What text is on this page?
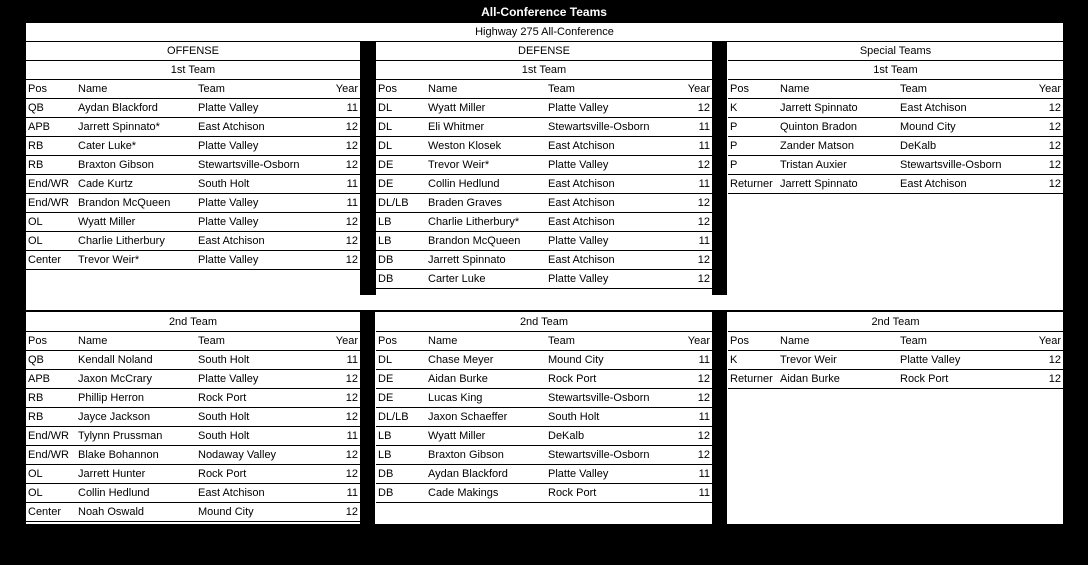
All-Conference Teams
Highway 275 All-Conference
OFFENSE			
1st Team			
Pos	Name	Team	Year
QB	Aydan Blackford	Platte Valley	11
APB	Jarrett Spinnato*	East Atchison	12
RB	Cater Luke*	Platte Valley	12
RB	Braxton Gibson	Stewartsville-Osborn	12
End/WR	Cade Kurtz	South Holt	11
End/WR	Brandon McQueen	Platte Valley	11
OL	Wyatt Miller	Platte Valley	12
OL	Charlie Litherbury	East Atchison	12
Center	Trevor Weir*	Platte Valley	12
DEFENSE			
1st Team			
Pos	Name	Team	Year
DL	Wyatt Miller	Platte Valley	12
DL	Eli Whitmer	Stewartsville-Osborn	11
DL	Weston Klosek	East Atchison	11
DE	Trevor Weir*	Platte Valley	12
DE	Collin Hedlund	East Atchison	11
DL/LB	Braden Graves	East Atchison	12
LB	Charlie Litherbury*	East Atchison	12
LB	Brandon McQueen	Platte Valley	11
DB	Jarrett Spinnato	East Atchison	12
DB	Carter Luke	Platte Valley	12
Special Teams			
1st Team			
Pos	Name	Team	Year
K	Jarrett Spinnato	East Atchison	12
P	Quinton Bradon	Mound City	12
P	Zander Matson	DeKalb	12
P	Tristan Auxier	Stewartsville-Osborn	12
Returner	Jarrett Spinnato	East Atchison	12
2nd Team			
Pos	Name	Team	Year
QB	Kendall Noland	South Holt	11
APB	Jaxon McCrary	Platte Valley	12
RB	Phillip Herron	Rock Port	12
RB	Jayce Jackson	South Holt	12
End/WR	Tylynn Prussman	South Holt	11
End/WR	Blake Bohannon	Nodaway Valley	12
OL	Jarrett Hunter	Rock Port	12
OL	Collin Hedlund	East Atchison	11
Center	Noah Oswald	Mound City	12
2nd Team			
Pos	Name	Team	Year
DL	Chase Meyer	Mound City	11
DE	Aidan Burke	Rock Port	12
DE	Lucas King	Stewartsville-Osborn	12
DL/LB	Jaxon Schaeffer	South Holt	11
LB	Wyatt Miller	DeKalb	12
LB	Braxton Gibson	Stewartsville-Osborn	12
DB	Aydan Blackford	Platte Valley	11
DB	Cade Makings	Rock Port	11
2nd Team			
Pos	Name	Team	Year
K	Trevor Weir	Platte Valley	12
Returner	Aidan Burke	Rock Port	12
